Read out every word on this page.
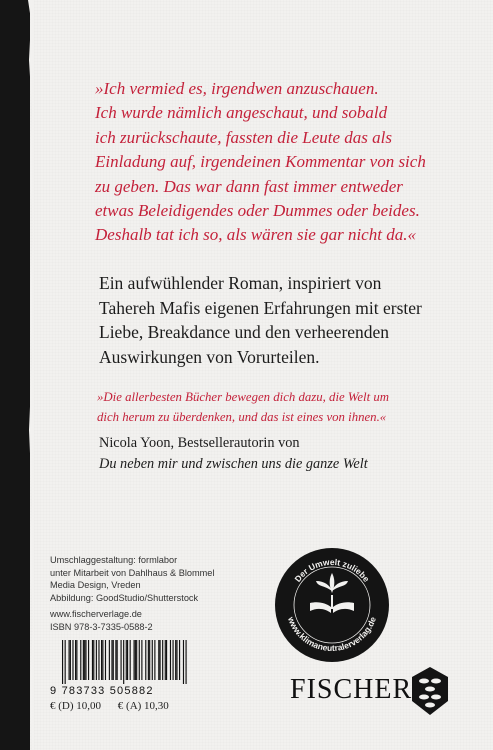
»Ich vermied es, irgendwen anzuschauen.
Ich wurde nämlich angeschaut, und sobald
ich zurückschaute, fassten die Leute das als
Einladung auf, irgendeinen Kommentar von sich
zu geben. Das war dann fast immer entweder
etwas Beleidigendes oder Dummes oder beides.
Deshalb tat ich so, als wären sie gar nicht da.«
Ein aufwühlender Roman, inspiriert von
Tahereh Mafis eigenen Erfahrungen mit erster
Liebe, Breakdance und den verheerenden
Auswirkungen von Vorurteilen.
»Die allerbesten Bücher bewegen dich dazu, die Welt um
dich herum zu überdenken, und das ist eines von ihnen.«
Nicola Yoon, Bestsellerautorin von
Du neben mir und zwischen uns die ganze Welt
Umschlaggestaltung: formlabor
unter Mitarbeit von Dahlhaus & Blommel
Media Design, Vreden
Abbildung: GoodStudio/Shutterstock
www.fischerverlage.de
ISBN 978-3-7335-0588-2
9 783733 505882
€ (D) 10,00 € (A) 10,30
Der Umwelt zuliebe
www.klimaneutralerverlag.de
FISCHER
